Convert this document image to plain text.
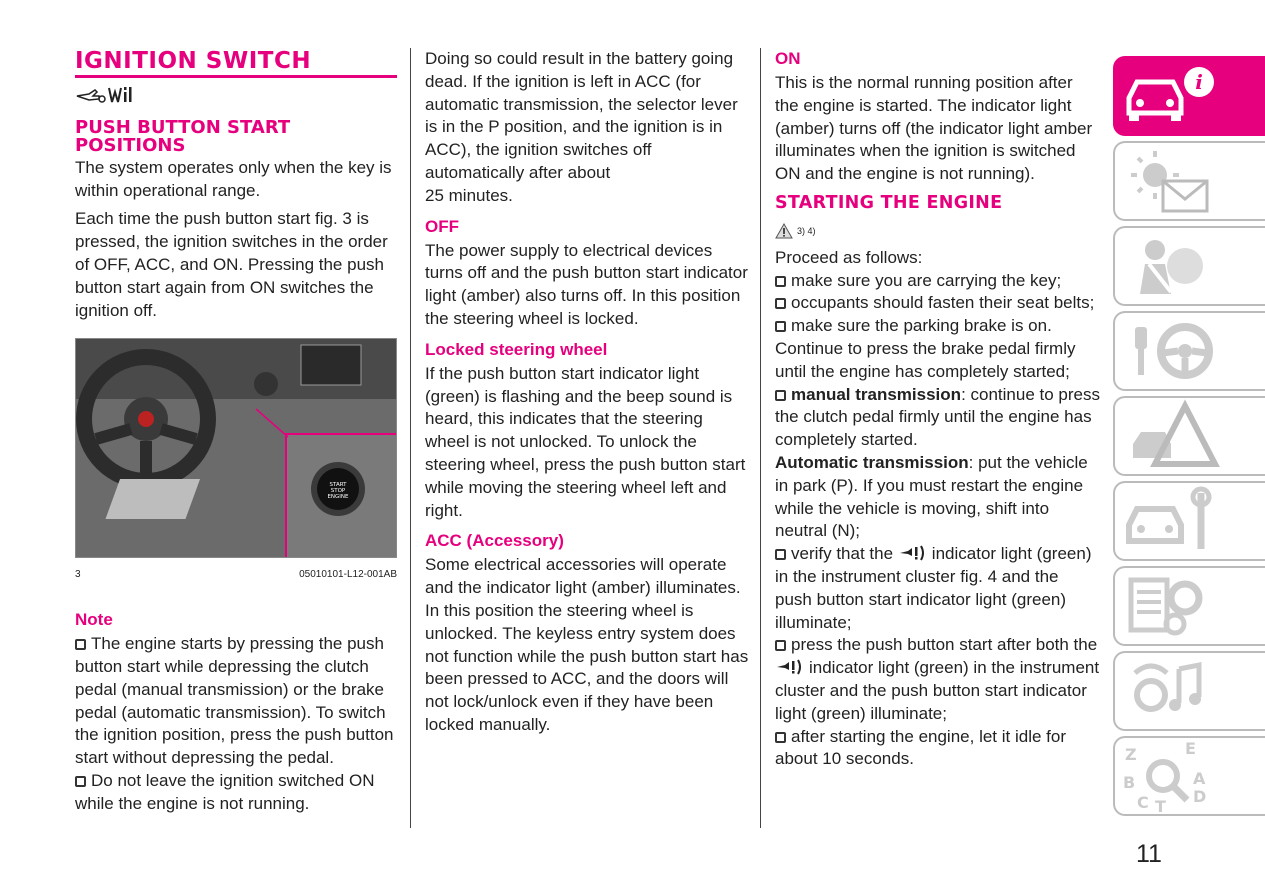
IGNITION SWITCH
PUSH BUTTON START POSITIONS

The system operates only when the key is within operational range.

Each time the push button start fig. 3 is pressed, the ignition switches in the order of OFF, ACC, and ON. Pressing the push button start again from ON switches the ignition off.

START
STOP
ENGINE
3	05010101-L12-001AB
Note

The engine starts by pressing the push button start while depressing the clutch pedal (manual transmission) or the brake pedal (automatic transmission). To switch the ignition position, press the push button start without depressing the pedal.

Do not leave the ignition switched ON while the engine is not running.

Doing so could result in the battery going dead. If the ignition is left in ACC (for automatic transmission, the selector lever is in the P position, and the ignition is in ACC), the ignition switches off automatically after about

25 minutes.

OFF

The power supply to electrical devices turns off and the push button start indicator light (amber) also turns off. In this position the steering wheel is locked.

Locked steering wheel

If the push button start indicator light (green) is flashing and the beep sound is heard, this indicates that the steering wheel is not unlocked. To unlock the steering wheel, press the push button start while moving the steering wheel left and right.

ACC (Accessory)

Some electrical accessories will operate and the indicator light (amber) illuminates. In this position the steering wheel is unlocked. The keyless entry system does not function while the push button start has been pressed to ACC, and the doors will not lock/unlock even if they have been locked manually.

ON

This is the normal running position after the engine is started. The indicator light (amber) turns off (the indicator light amber illuminates when the ignition is switched ON and the engine is not running).

STARTING THE ENGINE
3) 4)
Proceed as follows:
make sure you are carrying the key;
occupants should fasten their seat belts;
make sure the parking brake is on. Continue to press the brake pedal firmly until the engine has completely started;
manual transmission: continue to press the clutch pedal firmly until the engine has completely started.
Automatic transmission: put the vehicle in park (P). If you must restart the engine while the vehicle is moving, shift into neutral (N);
verify that the indicator light (green) in the instrument cluster fig. 4 and the push button start indicator light (green) illuminate;
press the push button start after both the indicator light (green) in the instrument cluster and the push button start indicator light (green) illuminate;
after starting the engine, let it idle for about 10 seconds.
i
Z	E
B	A
C T
D
11
